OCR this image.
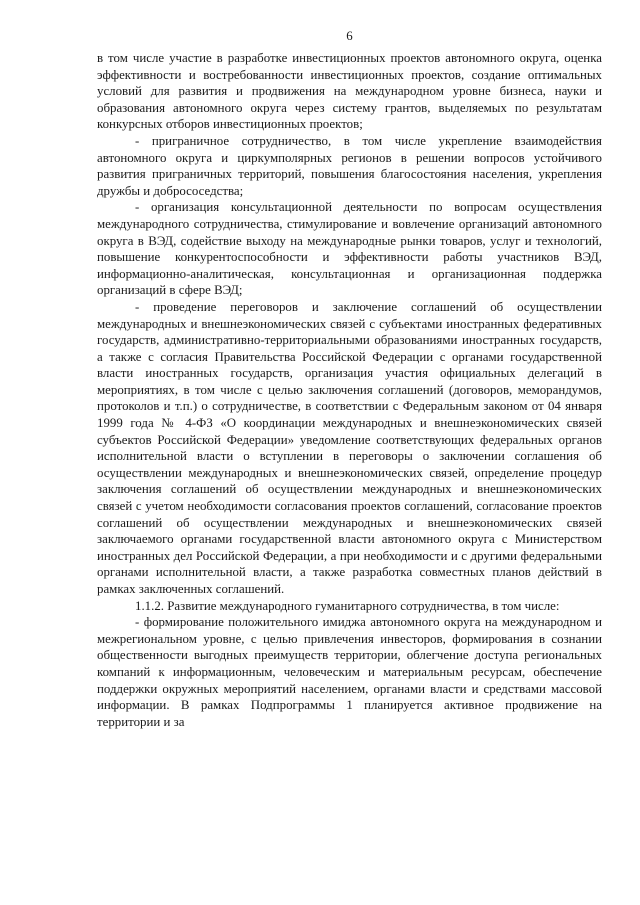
6

в том числе участие в разработке инвестиционных проектов автономного округа, оценка эффективности и востребованности инвестиционных проектов, создание оптимальных условий для развития и продвижения на международном уровне бизнеса, науки и образования автономного округа через систему грантов, выделяемых по результатам конкурсных отборов инвестиционных проектов;

- приграничное сотрудничество, в том числе укрепление взаимодействия автономного округа и циркумполярных регионов в решении вопросов устойчивого развития приграничных территорий, повышения благосостояния населения, укрепления дружбы и добрососедства;

- организация консультационной деятельности по вопросам осуществления международного сотрудничества, стимулирование и вовлечение организаций автономного округа в ВЭД, содействие выходу на международные рынки товаров, услуг и технологий, повышение конкурентоспособности и эффективности работы участников ВЭД, информационно-аналитическая, консультационная и организационная поддержка организаций в сфере ВЭД;

- проведение переговоров и заключение соглашений об осуществлении международных и внешнеэкономических связей с субъектами иностранных федеративных государств, административно-территориальными образованиями иностранных государств, а также с согласия Правительства Российской Федерации с органами государственной власти иностранных государств, организация участия официальных делегаций в мероприятиях, в том числе с целью заключения соглашений (договоров, меморандумов, протоколов и т.п.) о сотрудничестве, в соответствии с Федеральным законом от 04 января 1999 года № 4-ФЗ «О координации международных и внешнеэкономических связей субъектов Российской Федерации» уведомление соответствующих федеральных органов исполнительной власти о вступлении в переговоры о заключении соглашения об осуществлении международных и внешнеэкономических связей, определение процедур заключения соглашений об осуществлении международных и внешнеэкономических связей с учетом необходимости согласования проектов соглашений, согласование проектов соглашений об осуществлении международных и внешнеэкономических связей заключаемого органами государственной власти автономного округа с Министерством иностранных дел Российской Федерации, а при необходимости и с другими федеральными органами исполнительной власти, а также разработка совместных планов действий в рамках заключенных соглашений.

1.1.2. Развитие международного гуманитарного сотрудничества, в том числе:

- формирование положительного имиджа автономного округа на международном и межрегиональном уровне, с целью привлечения инвесторов, формирования в сознании общественности выгодных преимуществ территории, облегчение доступа региональных компаний к информационным, человеческим и материальным ресурсам, обеспечение поддержки окружных мероприятий населением, органами власти и средствами массовой информации. В рамках Подпрограммы 1 планируется активное продвижение на территории и за
